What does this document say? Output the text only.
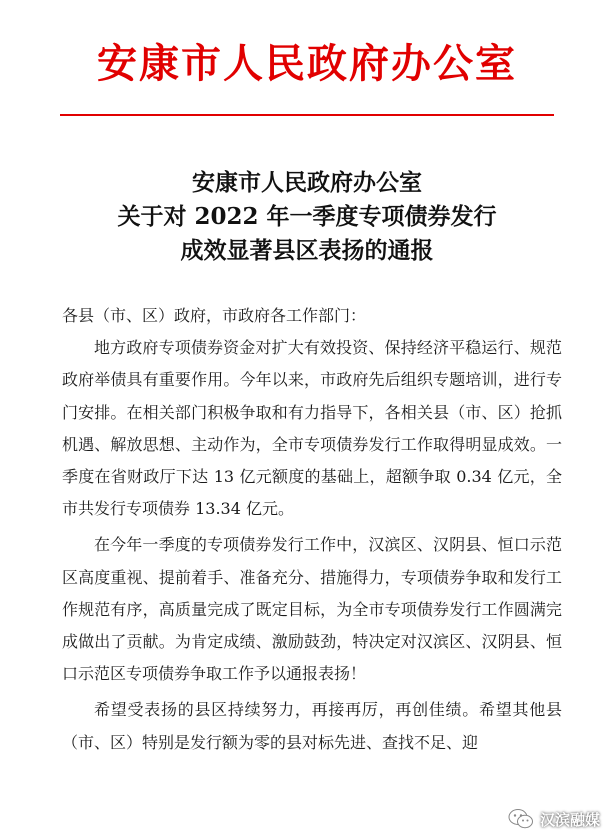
安康市人民政府办公室
安康市人民政府办公室
关于对 2022 年一季度专项债券发行
成效显著县区表扬的通报

各县（市、区）政府，市政府各工作部门：

地方政府专项债券资金对扩大有效投资、保持经济平稳运行、规范政府举债具有重要作用。今年以来，市政府先后组织专题培训，进行专门安排。在相关部门积极争取和有力指导下，各相关县（市、区）抢抓机遇、解放思想、主动作为，全市专项债券发行工作取得明显成效。一季度在省财政厅下达 13 亿元额度的基础上，超额争取 0.34 亿元，全市共发行专项债券 13.34 亿元。

在今年一季度的专项债券发行工作中，汉滨区、汉阴县、恒口示范区高度重视、提前着手、准备充分、措施得力，专项债券争取和发行工作规范有序，高质量完成了既定目标，为全市专项债券发行工作圆满完成做出了贡献。为肯定成绩、激励鼓劲，特决定对汉滨区、汉阴县、恒口示范区专项债券争取工作予以通报表扬！

希望受表扬的县区持续努力，再接再厉，再创佳绩。希望其他县（市、区）特别是发行额为零的县对标先进、查找不足、迎

汉滨融媒
